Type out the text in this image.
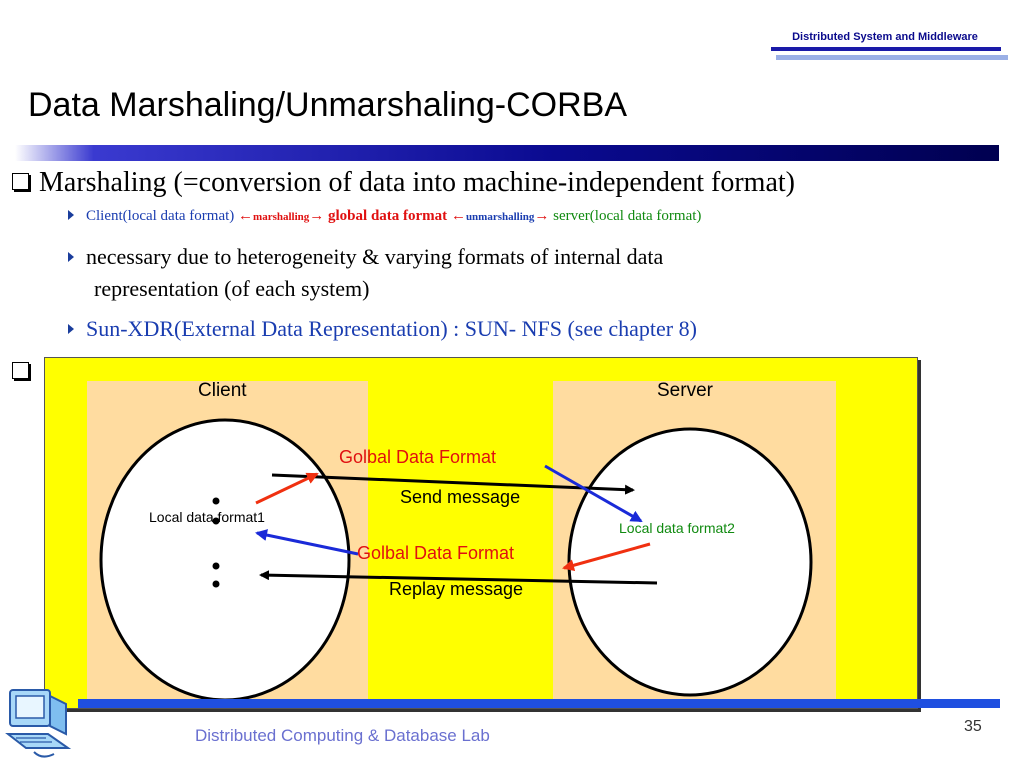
Distributed System and Middleware
Data Marshaling/Unmarshaling-CORBA
Marshaling (=conversion of data into machine-independent format)
Client(local data format) ←marshalling→ global data format ←unmarshalling→ server(local data format)
necessary due to heterogeneity & varying formats of internal data
representation (of each system)
Sun-XDR(External Data Representation) : SUN- NFS (see chapter 8)
Client	Server
Golbal Data Format
Send message
Local data format1
Local data format2
Golbal Data Format
Replay message
Distributed Computing & Database Lab	35
